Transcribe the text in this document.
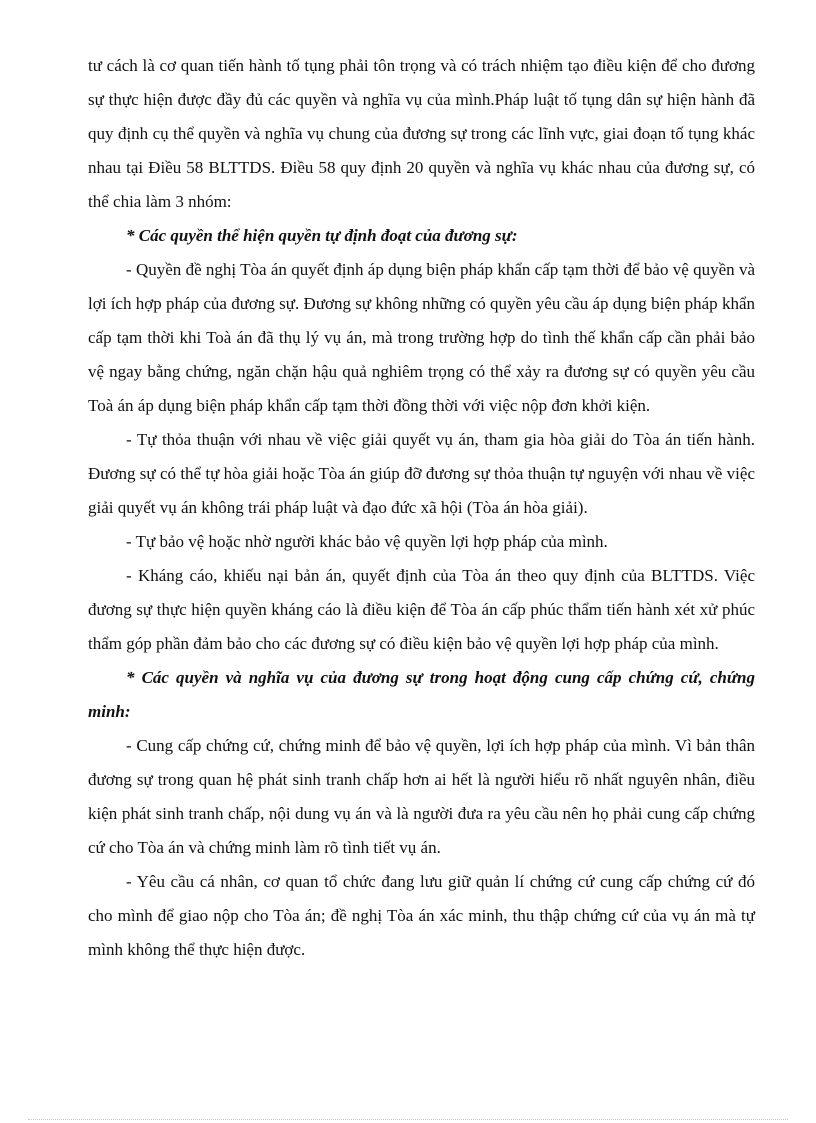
tư cách là cơ quan tiến hành tố tụng phải tôn trọng và có trách nhiệm tạo điều kiện để cho đương sự thực hiện được đầy đủ các quyền và nghĩa vụ của mình.Pháp luật tố tụng dân sự hiện hành đã quy định cụ thể quyền và nghĩa vụ chung của đương sự trong các lĩnh vực, giai đoạn tố tụng khác nhau tại Điều 58 BLTTDS. Điều 58 quy định 20 quyền và nghĩa vụ khác nhau của đương sự, có thể chia làm 3 nhóm:

* Các quyền thể hiện quyền tự định đoạt của đương sự:

- Quyền đề nghị Tòa án quyết định áp dụng biện pháp khẩn cấp tạm thời để bảo vệ quyền và lợi ích hợp pháp của đương sự. Đương sự không những có quyền yêu cầu áp dụng biện pháp khẩn cấp tạm thời khi Toà án đã thụ lý vụ án, mà trong trường hợp do tình thế khẩn cấp cần phải bảo vệ ngay bằng chứng, ngăn chặn hậu quả nghiêm trọng có thể xảy ra đương sự có quyền yêu cầu Toà án áp dụng biện pháp khẩn cấp tạm thời đồng thời với việc nộp đơn khởi kiện.

- Tự thỏa thuận với nhau về việc giải quyết vụ án, tham gia hòa giải do Tòa án tiến hành. Đương sự có thể tự hòa giải hoặc Tòa án giúp đỡ đương sự thỏa thuận tự nguyện với nhau về việc giải quyết vụ án không trái pháp luật và đạo đức xã hội (Tòa án hòa giải).

- Tự bảo vệ hoặc nhờ người khác bảo vệ quyền lợi hợp pháp của mình.

- Kháng cáo, khiếu nại bản án, quyết định của Tòa án theo quy định của BLTTDS. Việc đương sự thực hiện quyền kháng cáo là điều kiện để Tòa án cấp phúc thẩm tiến hành xét xử phúc thẩm góp phần đảm bảo cho các đương sự có điều kiện bảo vệ quyền lợi hợp pháp của mình.

* Các quyền và nghĩa vụ của đương sự trong hoạt động cung cấp chứng cứ, chứng minh:

- Cung cấp chứng cứ, chứng minh để bảo vệ quyền, lợi ích hợp pháp của mình. Vì bản thân đương sự trong quan hệ phát sinh tranh chấp hơn ai hết là người hiểu rõ nhất nguyên nhân, điều kiện phát sinh tranh chấp, nội dung vụ án và là người đưa ra yêu cầu nên họ phải cung cấp chứng cứ cho Tòa án và chứng minh làm rõ tình tiết vụ án.

- Yêu cầu cá nhân, cơ quan tổ chức đang lưu giữ quản lí chứng cứ cung cấp chứng cứ đó cho mình để giao nộp cho Tòa án; đề nghị Tòa án xác minh, thu thập chứng cứ của vụ án mà tự mình không thể thực hiện được.
